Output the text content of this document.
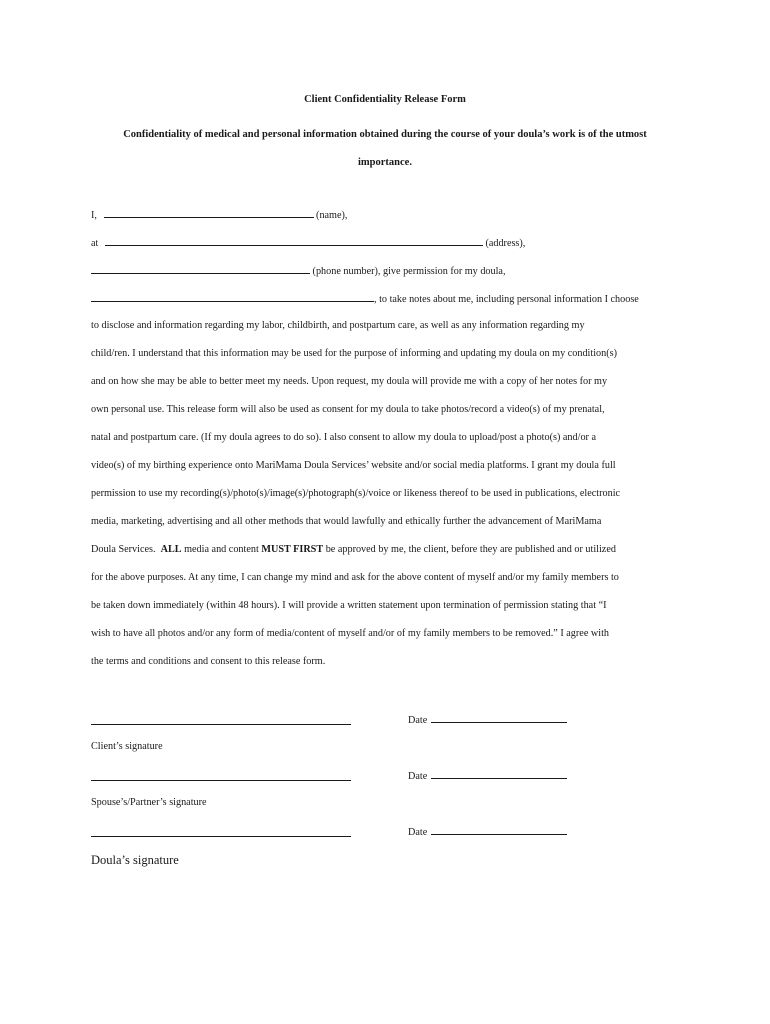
Client Confidentiality Release Form
Confidentiality of medical and personal information obtained during the course of your doula’s work is of the utmost importance.
I,	(name),
at	(address),
(phone number), give permission for my doula,
, to take notes about me, including personal information I choose
to disclose and information regarding my labor, childbirth, and postpartum care, as well as any information regarding my
child/ren. I understand that this information may be used for the purpose of informing and updating my doula on my condition(s)
and on how she may be able to better meet my needs. Upon request, my doula will provide me with a copy of her notes for my
own personal use. This release form will also be used as consent for my doula to take photos/record a video(s) of my prenatal,
natal and postpartum care. (If my doula agrees to do so). I also consent to allow my doula to upload/post a photo(s) and/or a
video(s) of my birthing experience onto MariMama Doula Services’ website and/or social media platforms. I grant my doula full
permission to use my recording(s)/photo(s)/image(s)/photograph(s)/voice or likeness thereof to be used in publications, electronic
media, marketing, advertising and all other methods that would lawfully and ethically further the advancement of MariMama
Doula Services.  ALL media and content MUST FIRST be approved by me, the client, before they are published and or utilized
for the above purposes. At any time, I can change my mind and ask for the above content of myself and/or my family members to
be taken down immediately (within 48 hours). I will provide a written statement upon termination of permission stating that “I
wish to have all photos and/or any form of media/content of myself and/or of my family members to be removed.” I agree with
the terms and conditions and consent to this release form.
Date
Client’s signature
Date
Spouse’s/Partner’s signature
Date
Doula’s signature
